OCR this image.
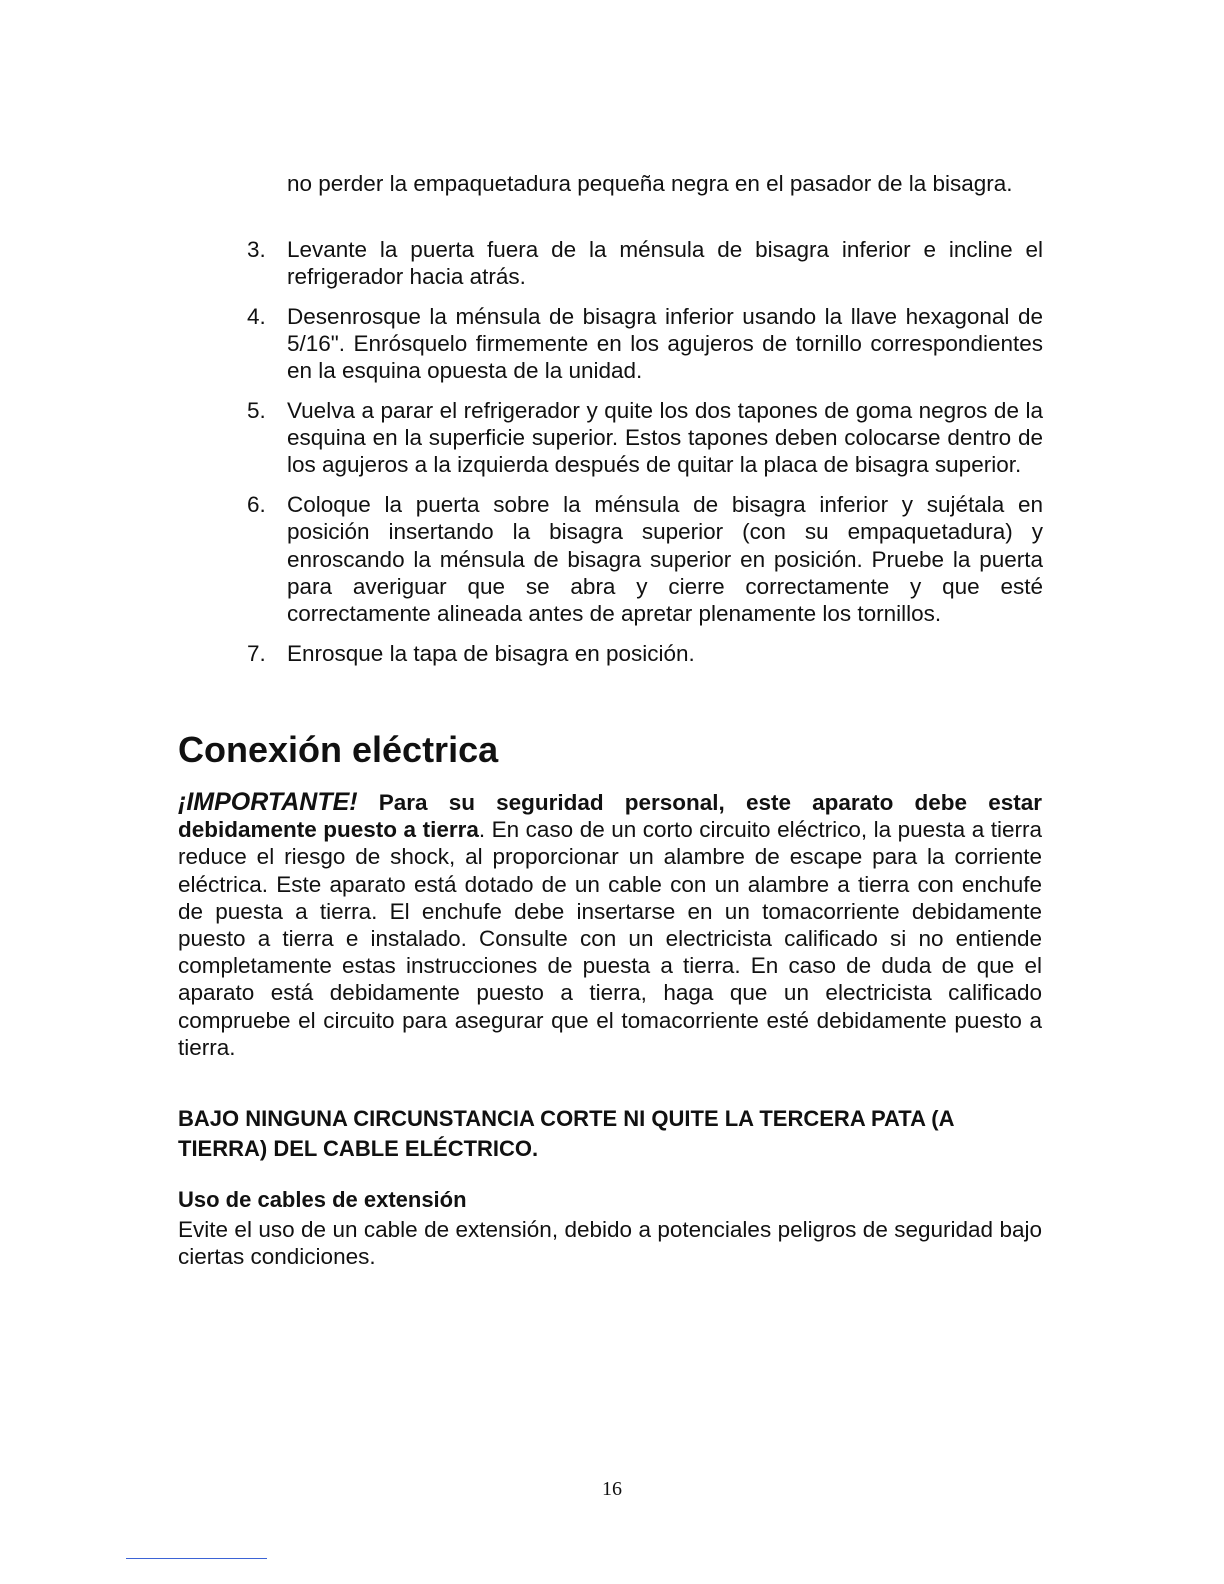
no perder la empaquetadura pequeña negra en el pasador de la bisagra.
3. Levante la puerta fuera de la ménsula de bisagra inferior e incline el refrigerador hacia atrás.
4. Desenrosque la ménsula de bisagra inferior usando la llave hexagonal de 5/16". Enrósquelo firmemente en los agujeros de tornillo correspondientes en la esquina opuesta de la unidad.
5. Vuelva a parar el refrigerador y quite los dos tapones de goma negros de la esquina en la superficie superior. Estos tapones deben colocarse dentro de los agujeros a la izquierda después de quitar la placa de bisagra superior.
6. Coloque la puerta sobre la ménsula de bisagra inferior y sujétala en posición insertando la bisagra superior (con su empaquetadura) y enroscando la ménsula de bisagra superior en posición. Pruebe la puerta para averiguar que se abra y cierre correctamente y que esté correctamente alineada antes de apretar plenamente los tornillos.
7. Enrosque la tapa de bisagra en posición.
Conexión eléctrica
¡IMPORTANTE! Para su seguridad personal, este aparato debe estar debidamente puesto a tierra. En caso de un corto circuito eléctrico, la puesta a tierra reduce el riesgo de shock, al proporcionar un alambre de escape para la corriente eléctrica. Este aparato está dotado de un cable con un alambre a tierra con enchufe de puesta a tierra. El enchufe debe insertarse en un tomacorriente debidamente puesto a tierra e instalado. Consulte con un electricista calificado si no entiende completamente estas instrucciones de puesta a tierra. En caso de duda de que el aparato está debidamente puesto a tierra, haga que un electricista calificado compruebe el circuito para asegurar que el tomacorriente esté debidamente puesto a tierra.
BAJO NINGUNA CIRCUNSTANCIA CORTE NI QUITE LA TERCERA PATA (A TIERRA) DEL CABLE ELÉCTRICO.
Uso de cables de extensión
Evite el uso de un cable de extensión, debido a potenciales peligros de seguridad bajo ciertas condiciones.
16
